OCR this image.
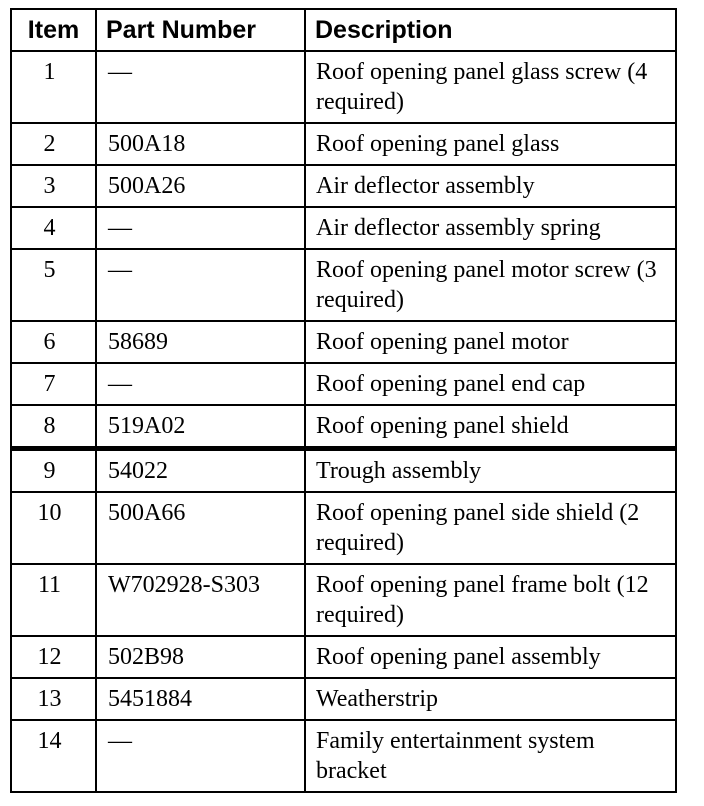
Item	Part Number	Description
1	—	Roof opening panel glass screw (4 required)
2	500A18	Roof opening panel glass
3	500A26	Air deflector assembly
4	—	Air deflector assembly spring
5	—	Roof opening panel motor screw (3 required)
6	58689	Roof opening panel motor
7	—	Roof opening panel end cap
8	519A02	Roof opening panel shield
9	54022	Trough assembly
10	500A66	Roof opening panel side shield (2 required)
11	W702928-S303	Roof opening panel frame bolt (12 required)
12	502B98	Roof opening panel assembly
13	5451884	Weatherstrip
14	—	Family entertainment system bracket
